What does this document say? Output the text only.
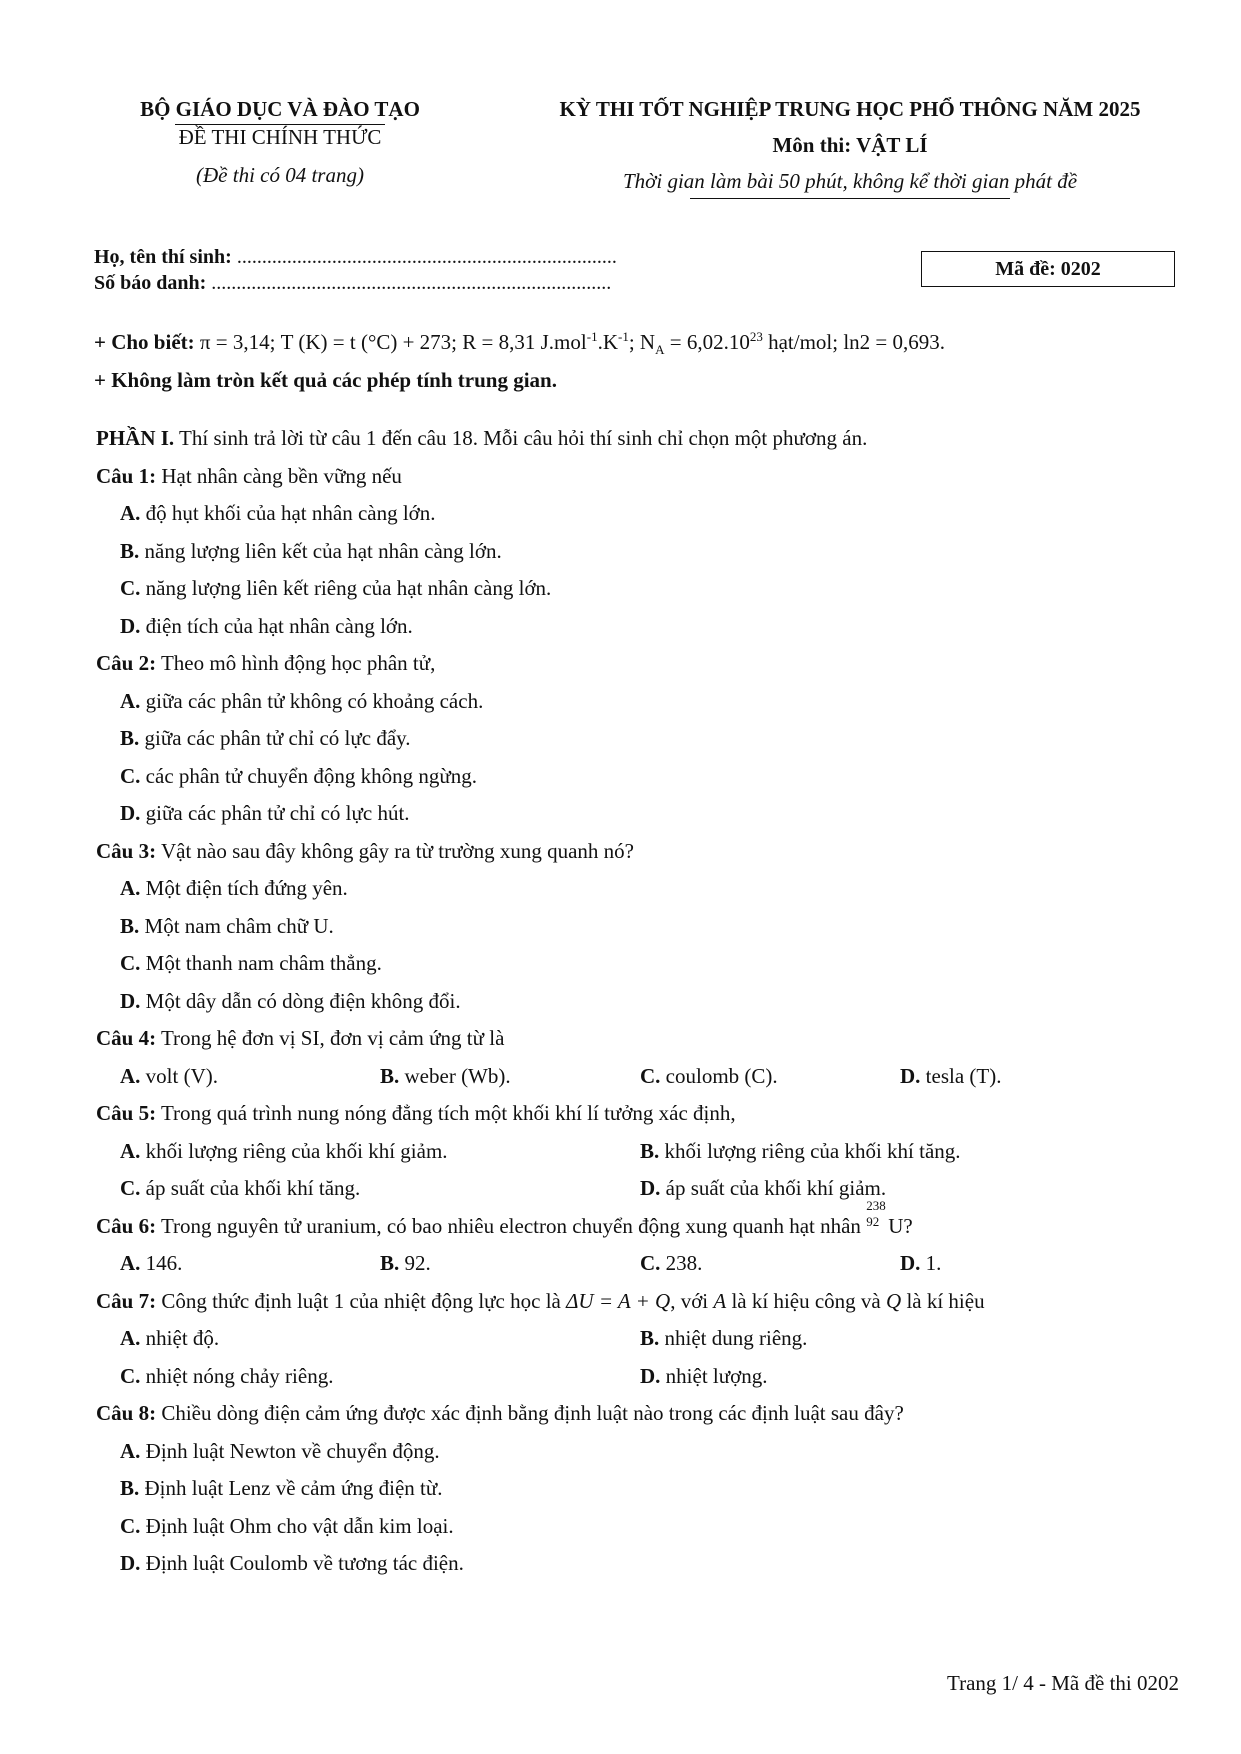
BỘ GIÁO DỤC VÀ ĐÀO TẠO
ĐỀ THI CHÍNH THỨC
(Đề thi có 04 trang)
KỲ THI TỐT NGHIỆP TRUNG HỌC PHỔ THÔNG NĂM 2025
Môn thi: VẬT LÍ
Thời gian làm bài 50 phút, không kể thời gian phát đề
Họ, tên thí sinh: ............................................................................
Số báo danh: ................................................................................
Mã đề: 0202
+ Cho biết: π = 3,14; T (K) = t (°C) + 273; R = 8,31 $J.mol^{-1}.K^{-1}$; $N_A = 6,02.10^{23}$ hạt/mol; ln2 = 0,693.
+ Không làm tròn kết quả các phép tính trung gian.
PHẦN I. Thí sinh trả lời từ câu 1 đến câu 18. Mỗi câu hỏi thí sinh chỉ chọn một phương án.
Câu 1: Hạt nhân càng bền vững nếu
A. độ hụt khối của hạt nhân càng lớn.
B. năng lượng liên kết của hạt nhân càng lớn.
C. năng lượng liên kết riêng của hạt nhân càng lớn.
D. điện tích của hạt nhân càng lớn.
Câu 2: Theo mô hình động học phân tử,
A. giữa các phân tử không có khoảng cách.
B. giữa các phân tử chỉ có lực đẩy.
C. các phân tử chuyển động không ngừng.
D. giữa các phân tử chỉ có lực hút.
Câu 3: Vật nào sau đây không gây ra từ trường xung quanh nó?
A. Một điện tích đứng yên.
B. Một nam châm chữ U.
C. Một thanh nam châm thẳng.
D. Một dây dẫn có dòng điện không đổi.
Câu 4: Trong hệ đơn vị SI, đơn vị cảm ứng từ là
A. volt (V).	B. weber (Wb).	C. coulomb (C).	D. tesla (T).
Câu 5: Trong quá trình nung nóng đẳng tích một khối khí lí tưởng xác định,
A. khối lượng riêng của khối khí giảm.	B. khối lượng riêng của khối khí tăng.
C. áp suất của khối khí tăng.	D. áp suất của khối khí giảm.
Câu 6: Trong nguyên tử uranium, có bao nhiêu electron chuyển động xung quanh hạt nhân
238
92 U?
A. 146.	B. 92.	C. 238.	D. 1.
Câu 7: Công thức định luật 1 của nhiệt động lực học là ΔU = A + Q, với A là kí hiệu công và Q là kí hiệu
A. nhiệt độ.	B. nhiệt dung riêng.
C. nhiệt nóng chảy riêng.	D. nhiệt lượng.
Câu 8: Chiều dòng điện cảm ứng được xác định bằng định luật nào trong các định luật sau đây?
A. Định luật Newton về chuyển động.
B. Định luật Lenz về cảm ứng điện từ.
C. Định luật Ohm cho vật dẫn kim loại.
D. Định luật Coulomb về tương tác điện.
Trang 1/ 4 - Mã đề thi 0202
